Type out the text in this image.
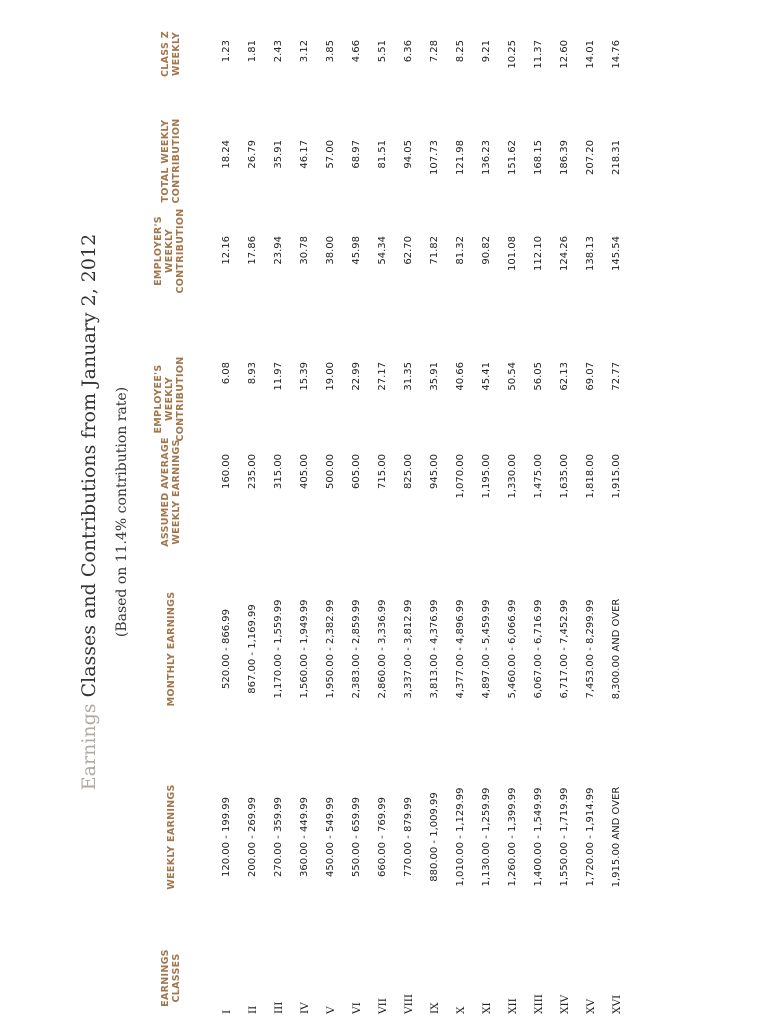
Earnings Classes and Contributions from January 2, 2012 (Based on 11.4% contribution rate)
EARNINGS CLASSES
WEEKLY EARNINGS
MONTHLY EARNINGS
ASSUMED AVERAGE WEEKLY EARNINGS
EMPLOYEE'S WEEKLY CONTRIBUTION
EMPLOYER'S WEEKLY CONTRIBUTION
TOTAL WEEKLY CONTRIBUTION
CLASS Z WEEKLY
I
120.00 - 199.99
520.00 - 866.99
160.00
6.08
12.16
18.24
1.23
II
200.00 - 269.99
867.00 - 1,169.99
235.00
8.93
17.86
26.79
1.81
III
270.00 - 359.99
1,170.00 - 1,559.99
315.00
11.97
23.94
35.91
2.43
IV
360.00 - 449.99
1,560.00 - 1,949.99
405.00
15.39
30.78
46.17
3.12
V
450.00 - 549.99
1,950.00 - 2,382.99
500.00
19.00
38.00
57.00
3.85
VI
550.00 - 659.99
2,383.00 - 2,859.99
605.00
22.99
45.98
68.97
4.66
VII
660.00 - 769.99
2,860.00 - 3,336.99
715.00
27.17
54.34
81.51
5.51
VIII
770.00 - 879.99
3,337.00 - 3,812.99
825.00
31.35
62.70
94.05
6.36
IX
880.00 - 1,009.99
3,813.00 - 4,376.99
945.00
35.91
71.82
107.73
7.28
X
1,010.00 - 1,129.99
4,377.00 - 4,896.99
1,070.00
40.66
81.32
121.98
8.25
XI
1,130.00 - 1,259.99
4,897.00 - 5,459.99
1,195.00
45.41
90.82
136.23
9.21
XII
1,260.00 - 1,399.99
5,460.00 - 6,066.99
1,330.00
50.54
101.08
151.62
10.25
XIII
1,400.00 - 1,549.99
6,067.00 - 6,716.99
1,475.00
56.05
112.10
168.15
11.37
XIV
1,550.00 - 1,719.99
6,717.00 - 7,452.99
1,635.00
62.13
124.26
186.39
12.60
XV
1,720.00 - 1,914.99
7,453.00 - 8,299.99
1,818.00
69.07
138.13
207.20
14.01
XVI
1,915.00 AND OVER
8,300.00 AND OVER
1,915.00
72.77
145.54
218.31
14.76
